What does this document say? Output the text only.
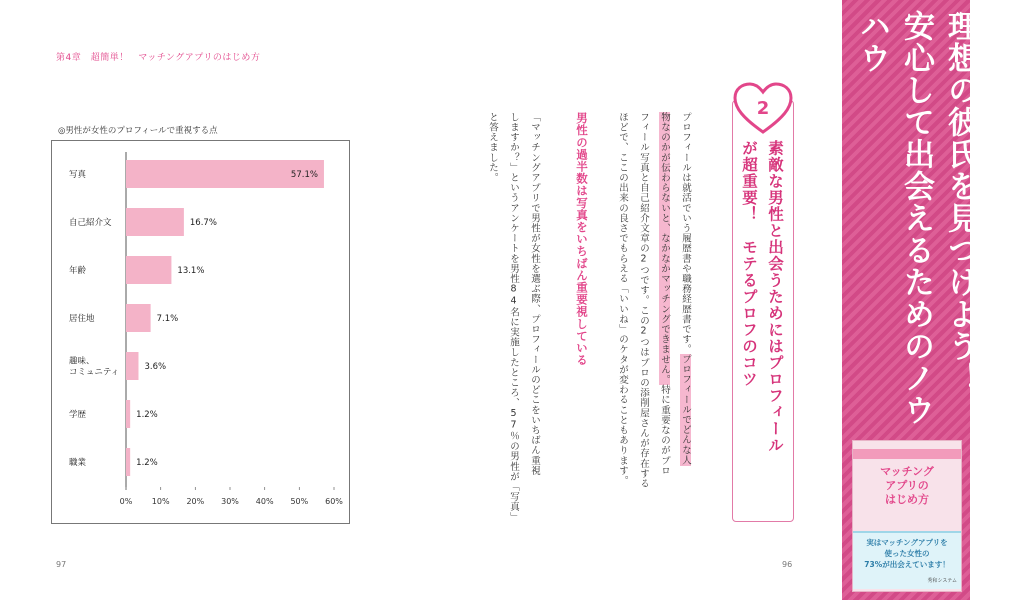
第4章　超簡単！　マッチングアプリのはじめ方
◎男性が女性のプロフィールで重視する点
0% 10% 20% 30% 40% 50% 60%
57.1%
写真
16.7%
自己紹介文
13.1%
年齢
7.1%
居住地
3.6%
趣味、
コミュニティ
1.2%
学歴
1.2%
職業
97	96
プロフィールは就活でいう履歴書や職務経歴書です。プロフィールでどんな人
物なのかが伝わらないと、なかなかマッチングできません。特に重要なのがプロ
フィール写真と自己紹介文章の2つです。この2つはプロの添削屋さんが存在する
ほどで、ここの出来の良さでもらえる「いいね」のケタが変わることもあります。
男性の過半数は写真をいちばん重要視している
「マッチングアプリで男性が女性を選ぶ際、プロフィールのどこをいちばん重視
しますか？」というアンケートを男性84名に実施したところ、57％の男性が「写真」
と答えました。
2
素敵な男性と出会うためにはプロフィール
が超重要！　モテるプロフのコツ	マッチングアプリで
理想の彼氏を見つけよう！
安心して出会えるためのノウハウ
マッチング
アプリの
はじめ方
実はマッチングアプリを
使った女性の
73%が出会えています！
秀和システム
